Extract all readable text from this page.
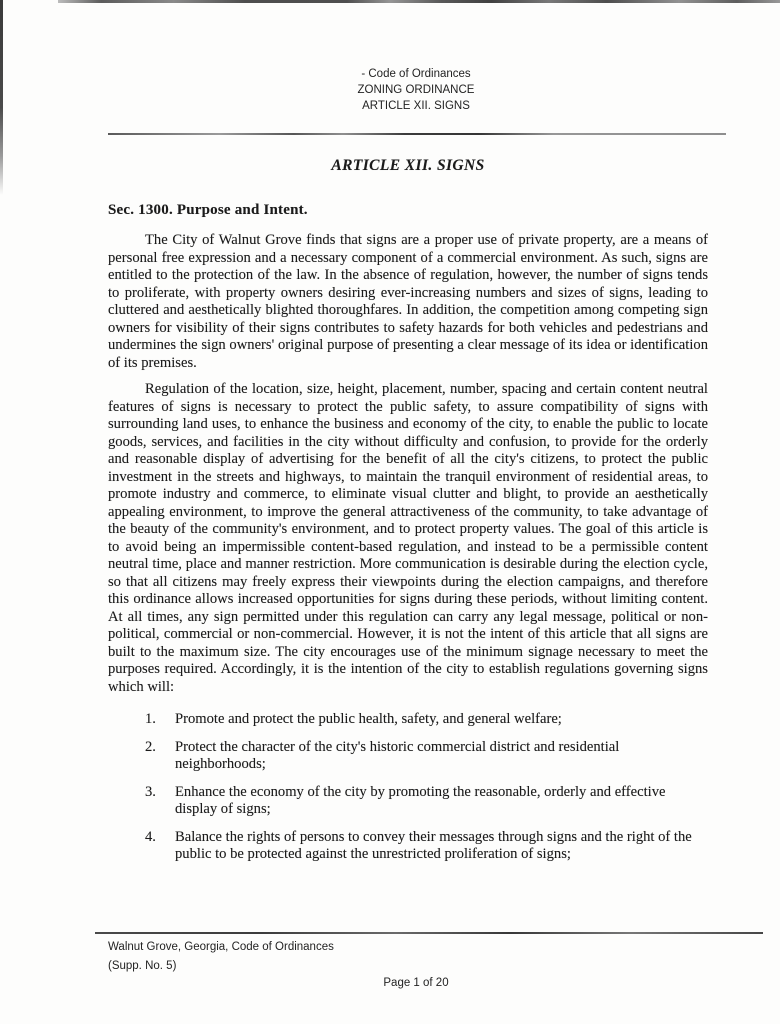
- Code of Ordinances
ZONING ORDINANCE
ARTICLE XII. SIGNS
ARTICLE XII. SIGNS
Sec. 1300. Purpose and Intent.

The City of Walnut Grove finds that signs are a proper use of private property, are a means of personal free expression and a necessary component of a commercial environment. As such, signs are entitled to the protection of the law. In the absence of regulation, however, the number of signs tends to proliferate, with property owners desiring ever-increasing numbers and sizes of signs, leading to cluttered and aesthetically blighted thoroughfares. In addition, the competition among competing sign owners for visibility of their signs contributes to safety hazards for both vehicles and pedestrians and undermines the sign owners' original purpose of presenting a clear message of its idea or identification of its premises.

Regulation of the location, size, height, placement, number, spacing and certain content neutral features of signs is necessary to protect the public safety, to assure compatibility of signs with surrounding land uses, to enhance the business and economy of the city, to enable the public to locate goods, services, and facilities in the city without difficulty and confusion, to provide for the orderly and reasonable display of advertising for the benefit of all the city's citizens, to protect the public investment in the streets and highways, to maintain the tranquil environment of residential areas, to promote industry and commerce, to eliminate visual clutter and blight, to provide an aesthetically appealing environment, to improve the general attractiveness of the community, to take advantage of the beauty of the community's environment, and to protect property values. The goal of this article is to avoid being an impermissible content-based regulation, and instead to be a permissible content neutral time, place and manner restriction. More communication is desirable during the election cycle, so that all citizens may freely express their viewpoints during the election campaigns, and therefore this ordinance allows increased opportunities for signs during these periods, without limiting content. At all times, any sign permitted under this regulation can carry any legal message, political or non-political, commercial or non-commercial. However, it is not the intent of this article that all signs are built to the maximum size. The city encourages use of the minimum signage necessary to meet the purposes required. Accordingly, it is the intention of the city to establish regulations governing signs which will:

1.	Promote and protect the public health, safety, and general welfare;
2.	Protect the character of the city's historic commercial district and residential neighborhoods;
3.	Enhance the economy of the city by promoting the reasonable, orderly and effective display of signs;
4.	Balance the rights of persons to convey their messages through signs and the right of the public to be protected against the unrestricted proliferation of signs;
Walnut Grove, Georgia, Code of Ordinances
(Supp. No. 5)
Page 1 of 20
